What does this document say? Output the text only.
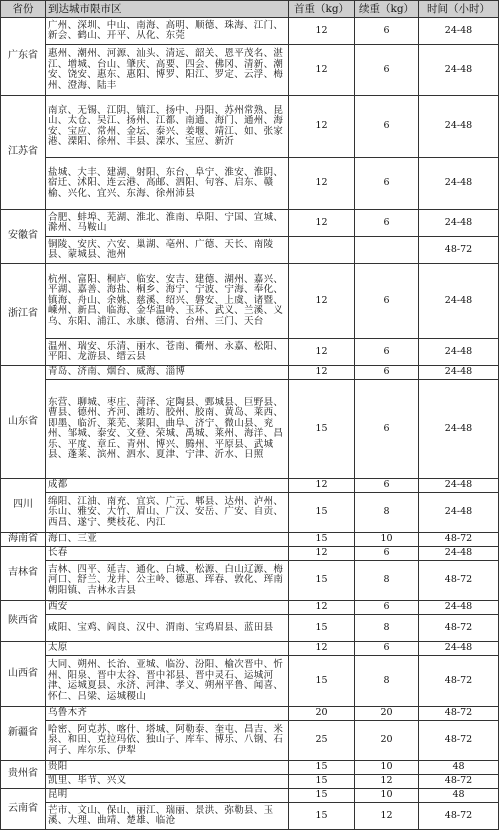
省份	到达城市限市区	首重（kg）	续重（kg）	时间（小时）
广东省	广州、深圳、中山、南海、高明、顺德、珠海、江门、新会、鹤山、开平、从化、东莞	12	6	24-48
	惠州、潮州、河源、汕头、清远、韶关、恩平茂名、湛江、增城、台山、肇庆、高要、四会、佛冈、清新、潮安、饶安、惠东、惠阳、博罗、阳江、罗定、云浮、梅州、澄海、陆丰	12	6	24-48
江苏省	南京、无锡、江阴、镇江、扬中、丹阳、苏州常熟、昆山、太仓、吴江、扬州、江都、南通、海门、通州、海安、宝应、常州、金坛、泰兴、姜堰、靖江、如、张家港、溧阳、徐州、丰县、溧水、宝应、新沂	12	6	24-48
	盐城、大丰、建湖、射阳、东台、阜宁、淮安、淮阴、宿迁、沭阳、连云港、高邮、泗阳、句容、启东、赣榆、兴化、宜兴、东海、徐州沛县	12	6	24-48
安徽省	合肥、蚌埠、芜湖、淮北、淮南、阜阳、宁国、宣城、滁州、马鞍山	12	6	24-48
	铜陵、安庆、六安、巢湖、亳州、广德、天长、南陵县、蒙城县、池州			48-72
浙江省	杭州、富阳、桐庐、临安、安吉、建德、湖州、嘉兴、平湖、嘉善、海盐、桐乡、海宁、宁波、宁海、奉化、镇海、舟山、余姚、慈溪、绍兴、磐安、上虞、诸暨、嵊州、新昌、临海、金华温岭、玉环、武义、兰溪、义乌、东阳、浦江、永康、德清、台州、三门、天台	12	6	24-48
	温州、瑞安、乐清、丽水、苍南、衢州、永嘉、松阳、平阳、龙游县、缙云县	12	6	24-48
山东省	青岛、济南、烟台、威海、淄博	12	6	24-48
	东营、聊城、枣庄、菏泽、定陶县、鄄城县、巨野县、曹县、德州、齐河、潍坊、胶州、胶南、黄岛、莱西、即墨、临沂、莱芜、莱阳、曲阜、济宁、微山县、兖州、邹城、泰安、文登、荣城、禹城、莱州、海洋、昌乐、平度、章丘、青州、博兴、腾州、平原县、武城县、蓬莱、滨州、泗水、夏津、宁津、沂水、日照	15	6	24-48
四川	成都	12	6	24-48
	绵阳、江油、南充、宜宾、广元、郫县、达州、泸州、乐山、雅安、大竹、眉山、广汉、安岳、广安、自贡、西昌、遂宁、樊枝花、内江	15	8	24-48
海南省	海口、三亚	15	10	48-72
吉林省	长春	12	6	24-48
	吉林、四平、延吉、通化、白城、松源、白山辽源、梅河口、舒兰、龙井、公主岭、德惠、珲春、敦化、珲南朝阳镇、吉林永吉县	15	8	48-72
陕西省	西安	12	6	24-48
	咸阳、宝鸡、阎良、汉中、渭南、宝鸡眉县、蓝田县	15	8	48-72
山西省	太原	12	6	24-48
	大同、朔州、长治、亚城、临汾、汾阳、榆次晋中、忻州、阳泉、晋中太谷、晋中祁县、晋中灵石、运城河津、运城夏县、永济、河津、孝义、朔州平鲁、闻喜、怀仁、吕梁、运城稷山	15	8	48-72
新疆省	乌鲁木齐	20	20	48-72
	哈密、阿克苏、喀什、塔城、阿勒泰、奎屯、昌吉、米泉、和田、克拉玛依、独山子、库车、博乐、八钢、石河子、库尔乐、伊犁	25	20	48-72
贵州省	贵阳	15	10	48
	凯里、毕节、兴义	15	12	48-72
云南省	昆明	15	10	48
	芒市、文山、保山、丽江、瑞丽、景洪、弥勒县、玉溪、大理、曲靖、楚雄、临沧	15	12	48-72
